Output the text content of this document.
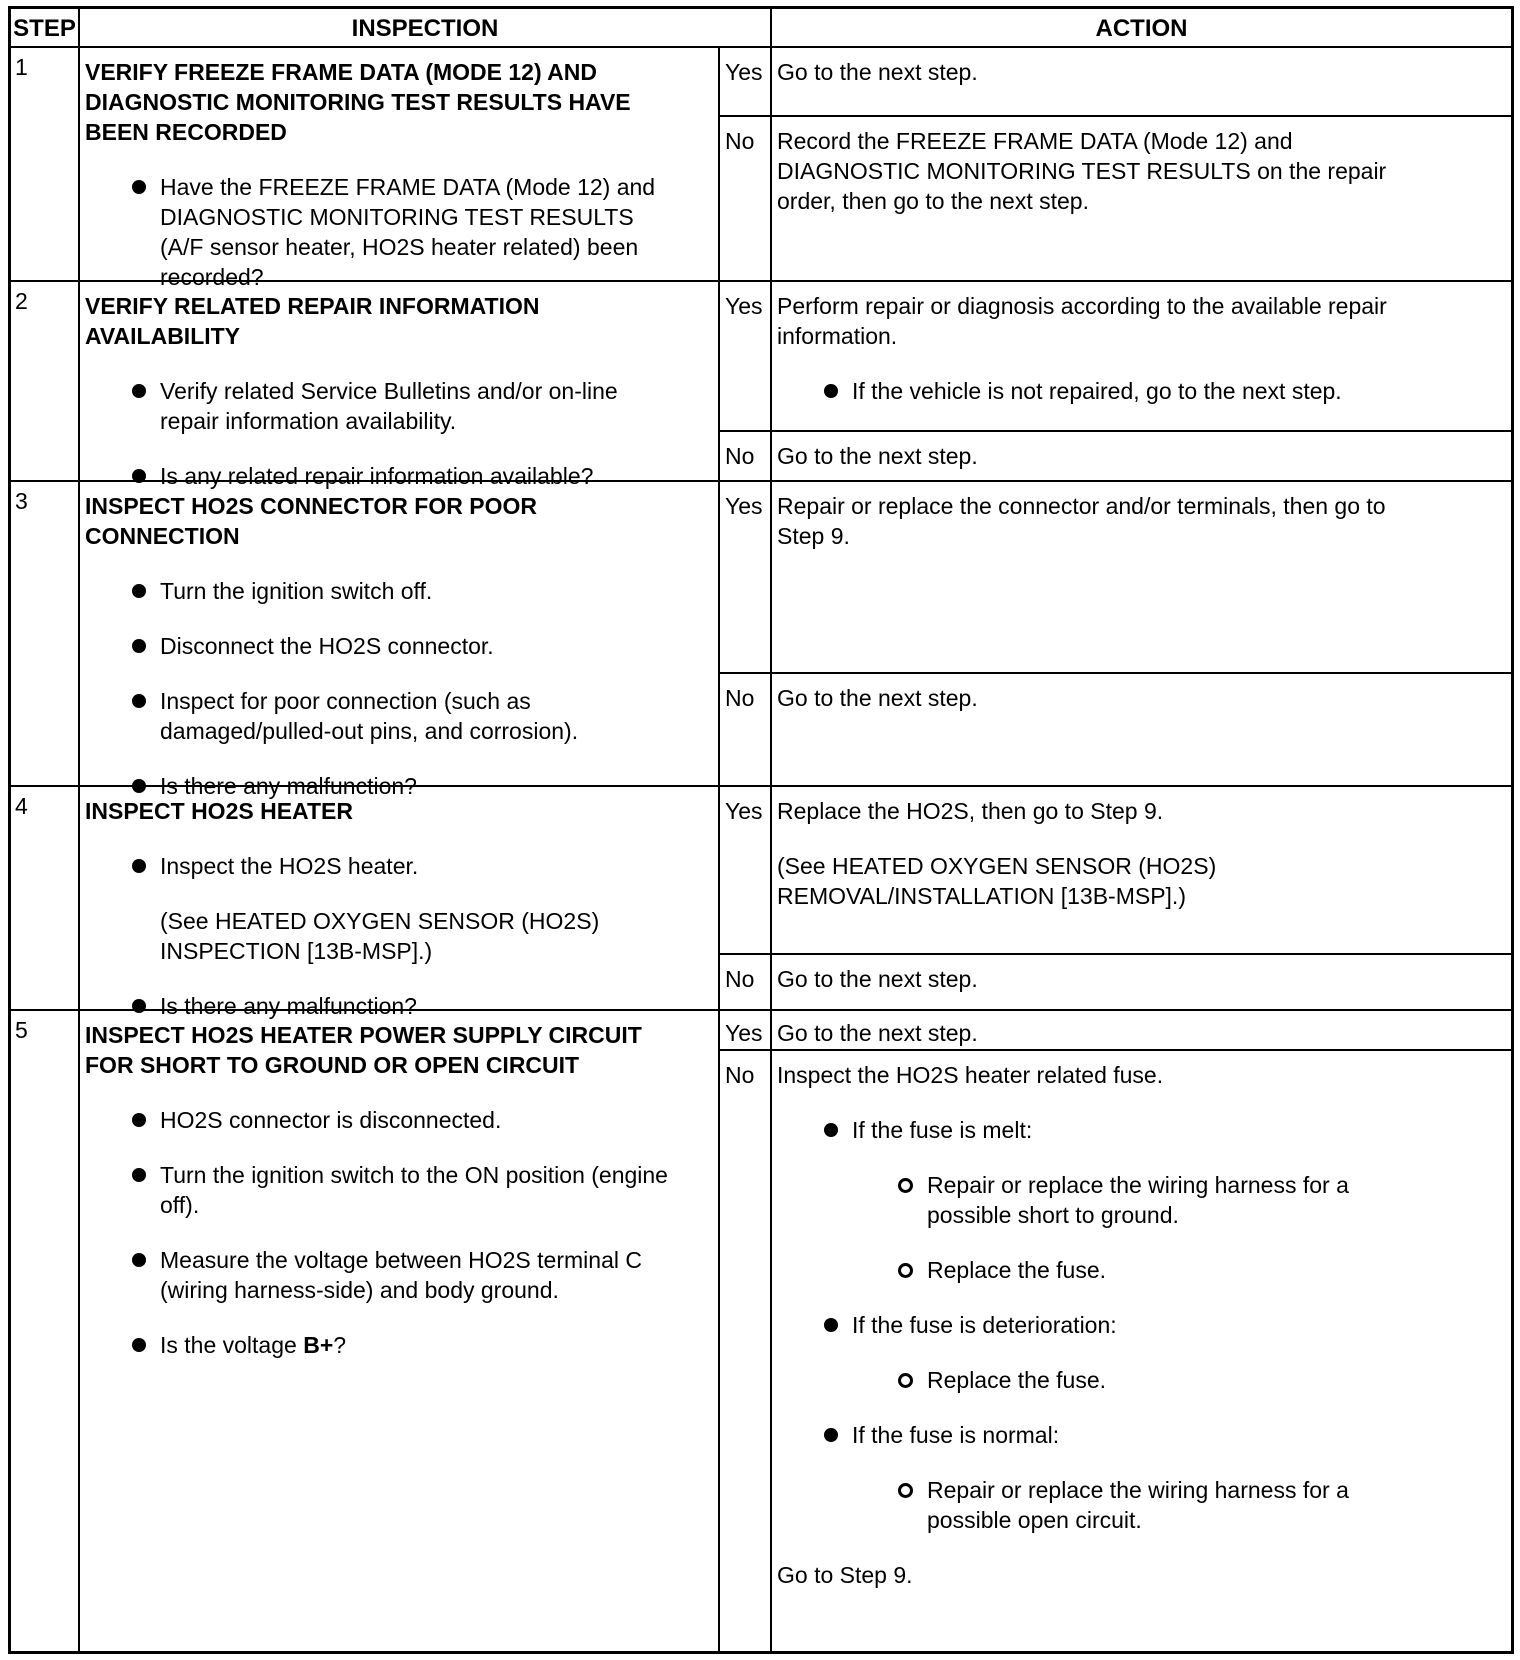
STEP	INSPECTION	ACTION
1	VERIFY FREEZE FRAME DATA (MODE 12) AND
DIAGNOSTIC MONITORING TEST RESULTS HAVE
BEEN RECORDED
Have the FREEZE FRAME DATA (Mode 12) and
DIAGNOSTIC MONITORING TEST RESULTS
(A/F sensor heater, HO2S heater related) been
recorded?
Yes Go to the next step.
No Record the FREEZE FRAME DATA (Mode 12) and
DIAGNOSTIC MONITORING TEST RESULTS on the repair
order, then go to the next step.
2	VERIFY RELATED REPAIR INFORMATION
AVAILABILITY
Verify related Service Bulletins and/or on-line
repair information availability.
Is any related repair information available?
Yes Perform repair or diagnosis according to the available repair
information.
If the vehicle is not repaired, go to the next step.
No Go to the next step.
3	INSPECT HO2S CONNECTOR FOR POOR
CONNECTION
Turn the ignition switch off.
Disconnect the HO2S connector.
Inspect for poor connection (such as
damaged/pulled-out pins, and corrosion).
Is there any malfunction?
Yes Repair or replace the connector and/or terminals, then go to
Step 9.
No Go to the next step.
4	INSPECT HO2S HEATER
Inspect the HO2S heater.
(See HEATED OXYGEN SENSOR (HO2S)
INSPECTION [13B-MSP].)
Is there any malfunction?
Yes Replace the HO2S, then go to Step 9.
(See HEATED OXYGEN SENSOR (HO2S)
REMOVAL/INSTALLATION [13B-MSP].)
No Go to the next step.
5	INSPECT HO2S HEATER POWER SUPPLY CIRCUIT
FOR SHORT TO GROUND OR OPEN CIRCUIT
HO2S connector is disconnected.
Turn the ignition switch to the ON position (engine
off).
Measure the voltage between HO2S terminal C
(wiring harness-side) and body ground.
Is the voltage B+?
Yes Go to the next step.
No Inspect the HO2S heater related fuse.
If the fuse is melt:
Repair or replace the wiring harness for a
possible short to ground.
Replace the fuse.
If the fuse is deterioration:
Replace the fuse.
If the fuse is normal:
Repair or replace the wiring harness for a
possible open circuit.
Go to Step 9.
